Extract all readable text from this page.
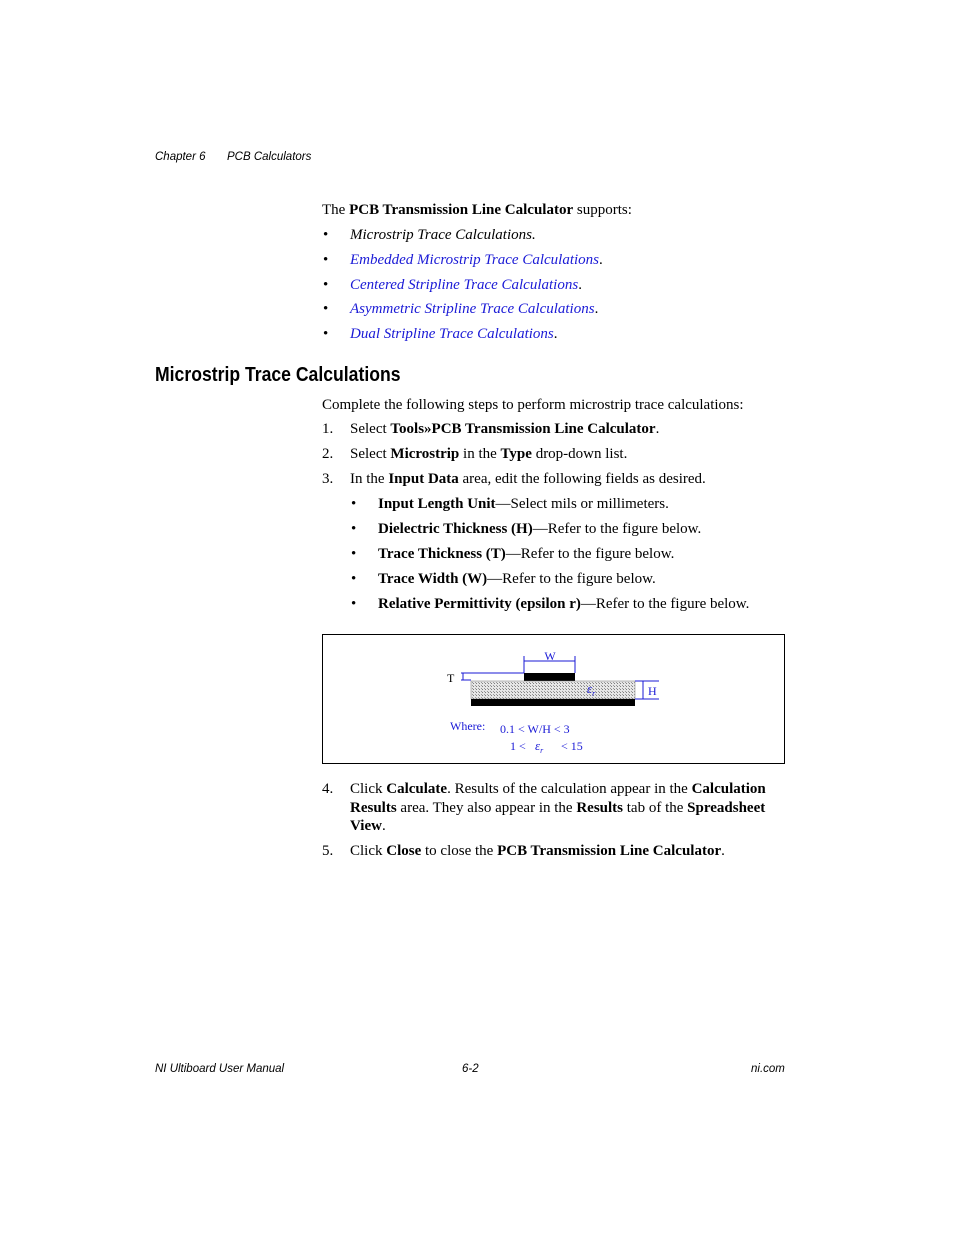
Chapter 6 PCB Calculators
The PCB Transmission Line Calculator supports:
• Microstrip Trace Calculations.
• Embedded Microstrip Trace Calculations.
• Centered Stripline Trace Calculations.
• Asymmetric Stripline Trace Calculations.
• Dual Stripline Trace Calculations.
Microstrip Trace Calculations
Complete the following steps to perform microstrip trace calculations:
1. Select Tools»PCB Transmission Line Calculator.
2. Select Microstrip in the Type drop-down list.
3. In the Input Data area, edit the following fields as desired.
• Input Length Unit—Select mils or millimeters.
• Dielectric Thickness (H)—Refer to the figure below.
• Trace Thickness (T)—Refer to the figure below.
• Trace Width (W)—Refer to the figure below.
• Relative Permittivity (epsilon r)—Refer to the figure below.
W
T
$\varepsilon_r$	H
Where: 0.1 < W/H < 3
$1 < \varepsilon_r < 15$
4. Click Calculate. Results of the calculation appear in the Calculation
Results area. They also appear in the Results tab of the Spreadsheet
View.
5. Click Close to close the PCB Transmission Line Calculator.
NI Ultiboard User Manual	6-2	ni.com
